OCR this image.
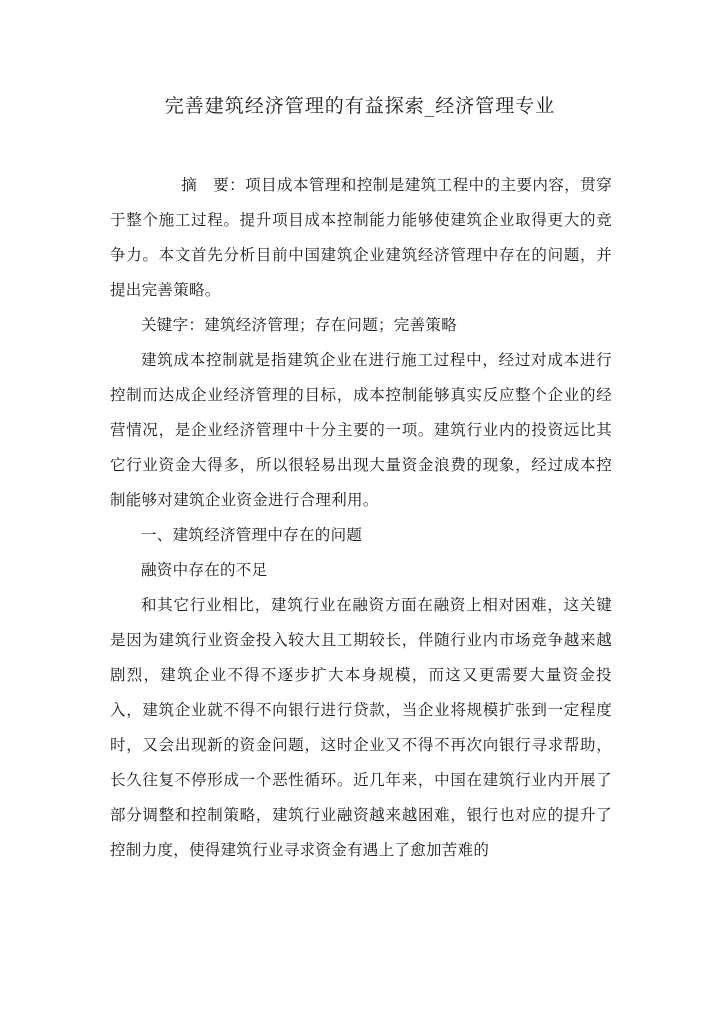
完善建筑经济管理的有益探索_经济管理专业

摘　要：项目成本管理和控制是建筑工程中的主要内容，贯穿于整个施工过程。提升项目成本控制能力能够使建筑企业取得更大的竞争力。本文首先分析目前中国建筑企业建筑经济管理中存在的问题，并提出完善策略。

关键字：建筑经济管理；存在问题；完善策略

建筑成本控制就是指建筑企业在进行施工过程中，经过对成本进行控制而达成企业经济管理的目标，成本控制能够真实反应整个企业的经营情况，是企业经济管理中十分主要的一项。建筑行业内的投资远比其它行业资金大得多，所以很轻易出现大量资金浪费的现象，经过成本控制能够对建筑企业资金进行合理利用。

一、建筑经济管理中存在的问题

融资中存在的不足

和其它行业相比，建筑行业在融资方面在融资上相对困难，这关键是因为建筑行业资金投入较大且工期较长，伴随行业内市场竞争越来越剧烈，建筑企业不得不逐步扩大本身规模，而这又更需要大量资金投入，建筑企业就不得不向银行进行贷款，当企业将规模扩张到一定程度时，又会出现新的资金问题，这时企业又不得不再次向银行寻求帮助，长久往复不停形成一个恶性循环。近几年来，中国在建筑行业内开展了部分调整和控制策略，建筑行业融资越来越困难，银行也对应的提升了控制力度，使得建筑行业寻求资金有遇上了愈加苦难的
